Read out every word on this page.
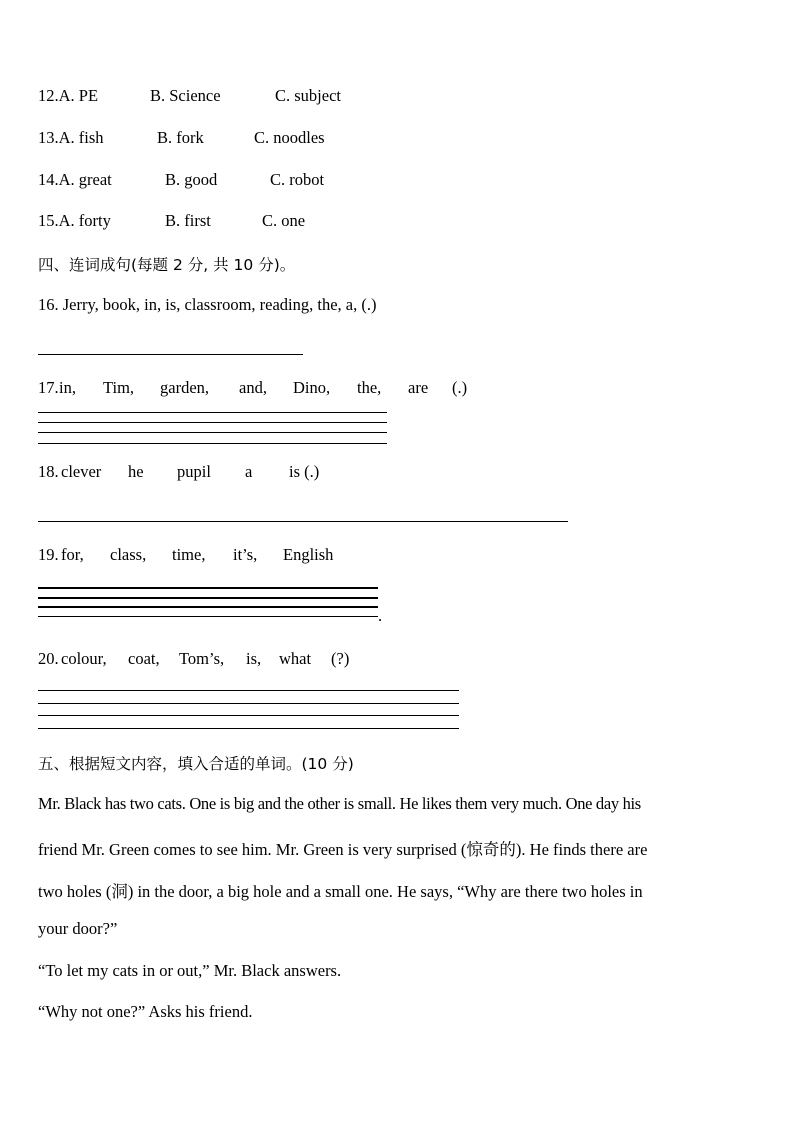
12.A. PE	B. Science	C. subject
13.A. fish	B. fork	C. noodles
14.A. great	B. good	C. robot
15.A. forty	B. first	C. one
四、连词成句(每题 2 分, 共 10 分)。
16. Jerry, book, in, is, classroom, reading, the, a, (.)
17. in, Tim, garden, and, Dino, the, are (.)
18. clever he pupil a is (.)
19. for, class, time, it’s, English
.
20. colour, coat, Tom’s, is, what (?)
五、根据短文内容，填入合适的单词。(10 分)
Mr. Black has two cats. One is big and the other is small. He likes them very much. One day his
friend Mr. Green comes to see him. Mr. Green is very surprised (惊奇的). He finds there are
two holes (洞) in the door, a big hole and a small one. He says, “Why are there two holes in
your door?”
“To let my cats in or out,” Mr. Black answers.
“Why not one?” Asks his friend.
